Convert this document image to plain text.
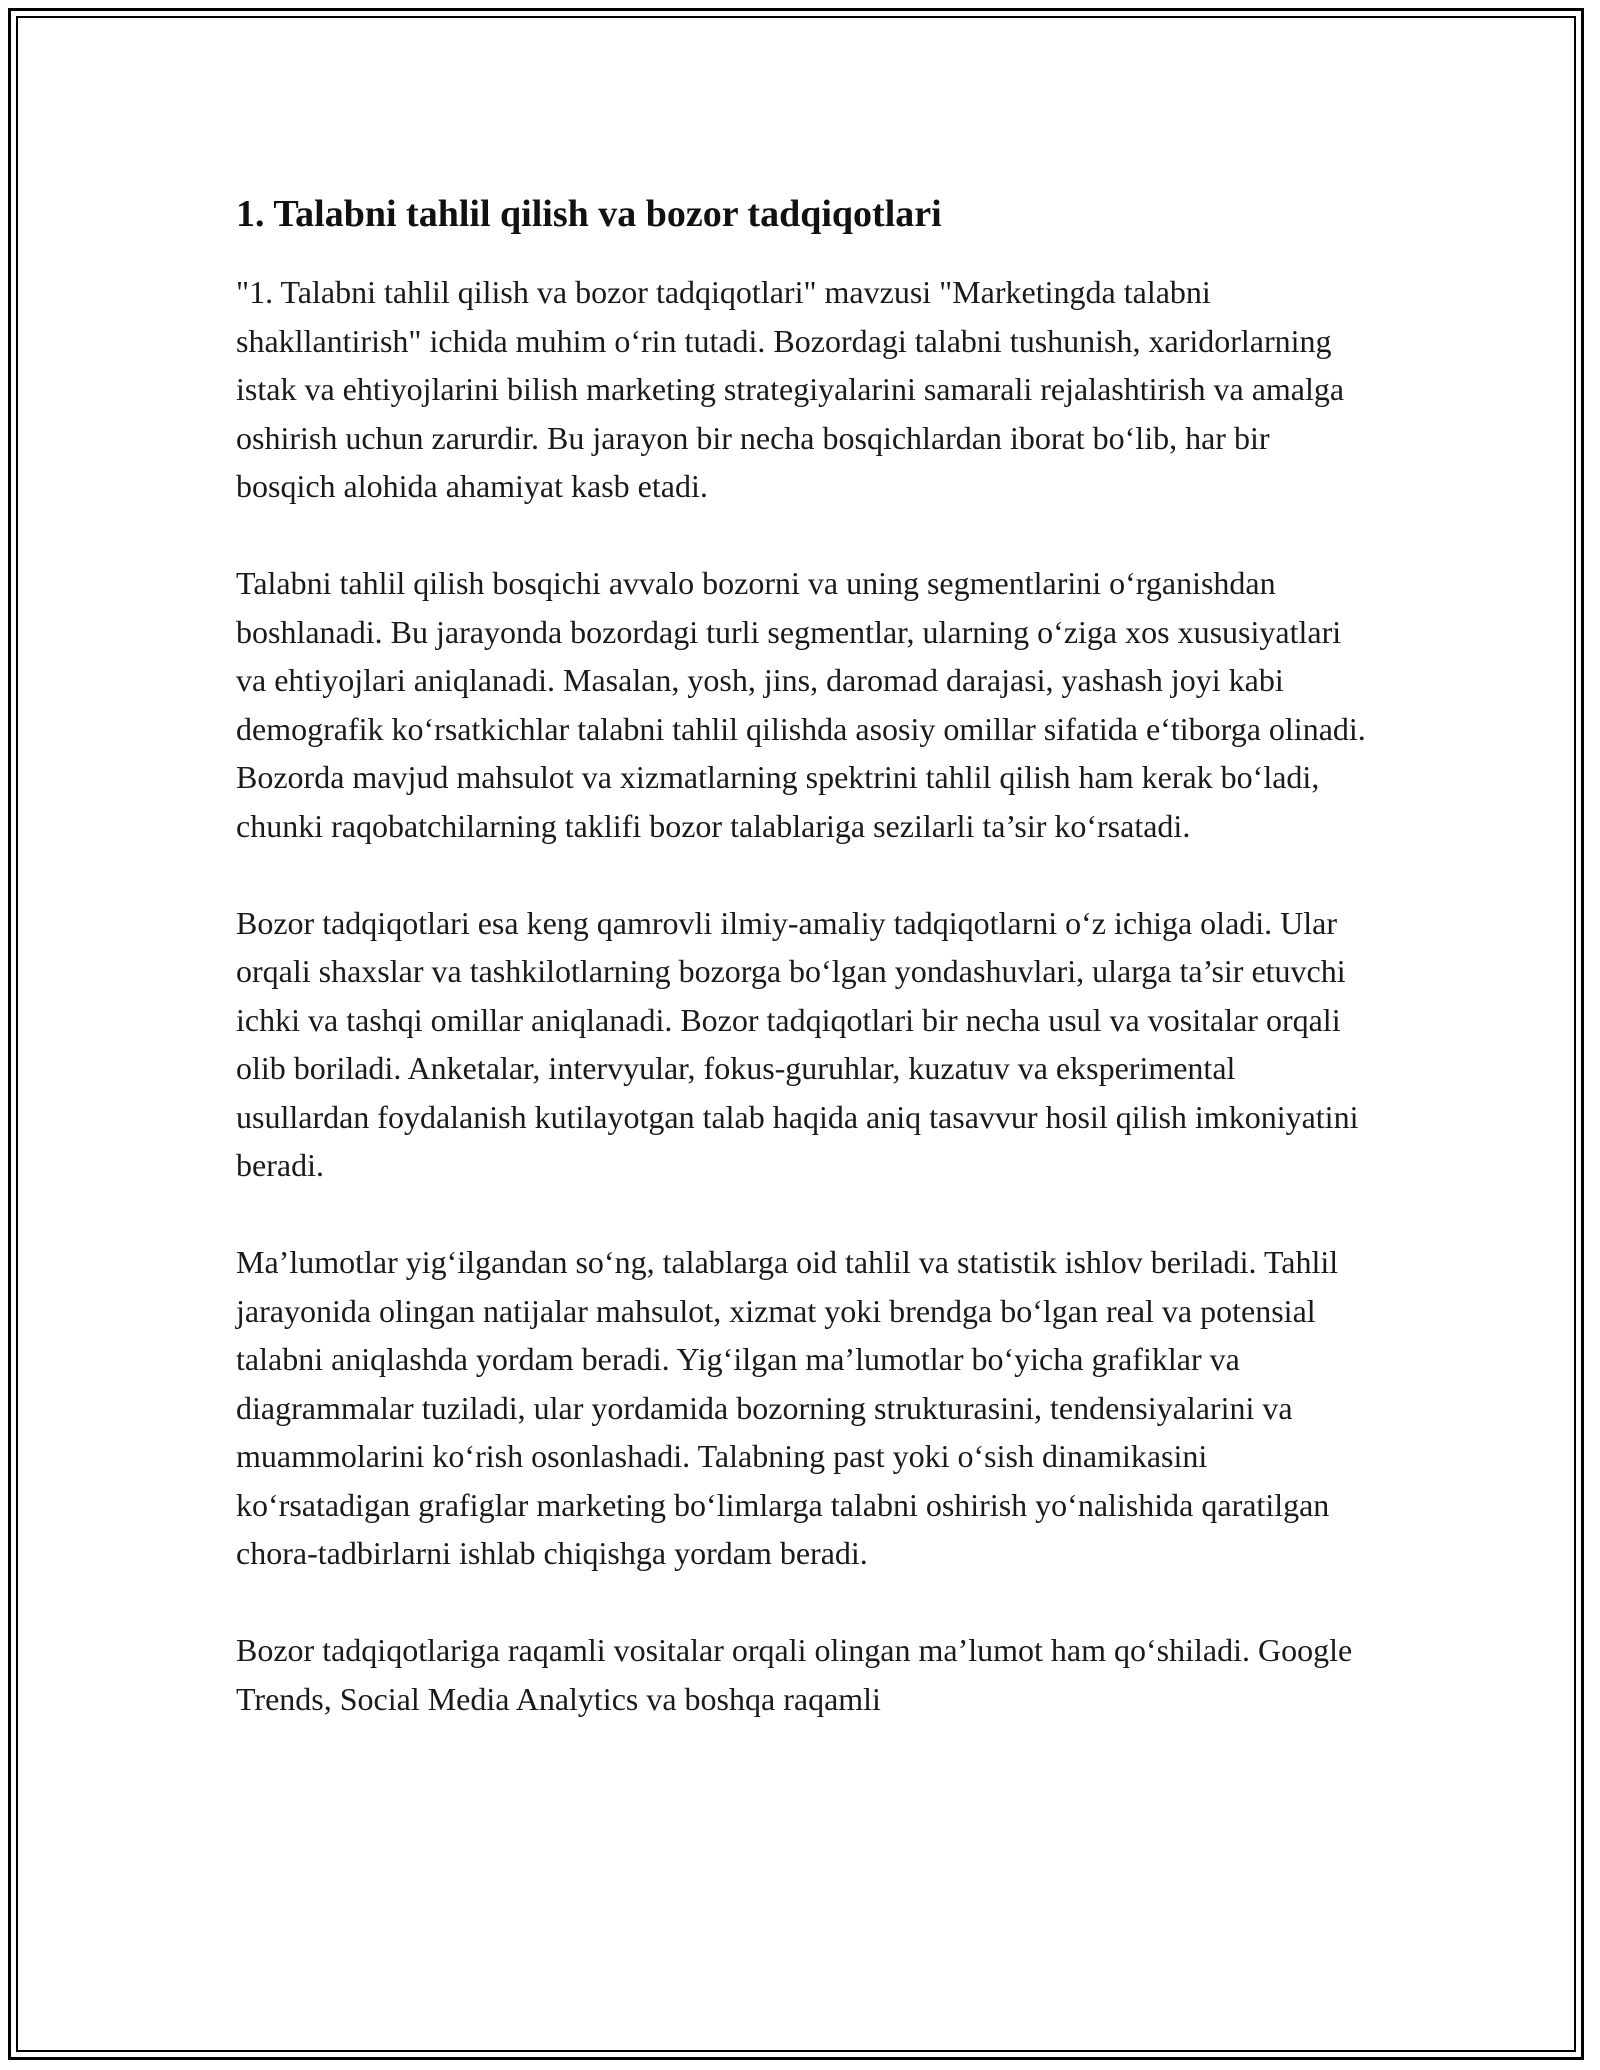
1. Talabni tahlil qilish va bozor tadqiqotlari

"1. Talabni tahlil qilish va bozor tadqiqotlari" mavzusi "Marketingda talabni shakllantirish" ichida muhim o‘rin tutadi. Bozordagi talabni tushunish, xaridorlarning istak va ehtiyojlarini bilish marketing strategiyalarini samarali rejalashtirish va amalga oshirish uchun zarurdir. Bu jarayon bir necha bosqichlardan iborat bo‘lib, har bir bosqich alohida ahamiyat kasb etadi.

Talabni tahlil qilish bosqichi avvalo bozorni va uning segmentlarini o‘rganishdan boshlanadi. Bu jarayonda bozordagi turli segmentlar, ularning o‘ziga xos xususiyatlari va ehtiyojlari aniqlanadi. Masalan, yosh, jins, daromad darajasi, yashash joyi kabi demografik ko‘rsatkichlar talabni tahlil qilishda asosiy omillar sifatida e‘tiborga olinadi. Bozorda mavjud mahsulot va xizmatlarning spektrini tahlil qilish ham kerak bo‘ladi, chunki raqobatchilarning taklifi bozor talablariga sezilarli ta’sir ko‘rsatadi.

Bozor tadqiqotlari esa keng qamrovli ilmiy-amaliy tadqiqotlarni o‘z ichiga oladi. Ular orqali shaxslar va tashkilotlarning bozorga bo‘lgan yondashuvlari, ularga ta’sir etuvchi ichki va tashqi omillar aniqlanadi. Bozor tadqiqotlari bir necha usul va vositalar orqali olib boriladi. Anketalar, intervyular, fokus-guruhlar, kuzatuv va eksperimental usullardan foydalanish kutilayotgan talab haqida aniq tasavvur hosil qilish imkoniyatini beradi.

Ma’lumotlar yig‘ilgandan so‘ng, talablarga oid tahlil va statistik ishlov beriladi. Tahlil jarayonida olingan natijalar mahsulot, xizmat yoki brendga bo‘lgan real va potensial talabni aniqlashda yordam beradi. Yig‘ilgan ma’lumotlar bo‘yicha grafiklar va diagrammalar tuziladi, ular yordamida bozorning strukturasini, tendensiyalarini va muammolarini ko‘rish osonlashadi. Talabning past yoki o‘sish dinamikasini ko‘rsatadigan grafiglar marketing bo‘limlarga talabni oshirish yo‘nalishida qaratilgan chora-tadbirlarni ishlab chiqishga yordam beradi.

Bozor tadqiqotlariga raqamli vositalar orqali olingan ma’lumot ham qo‘shiladi. Google Trends, Social Media Analytics va boshqa raqamli
